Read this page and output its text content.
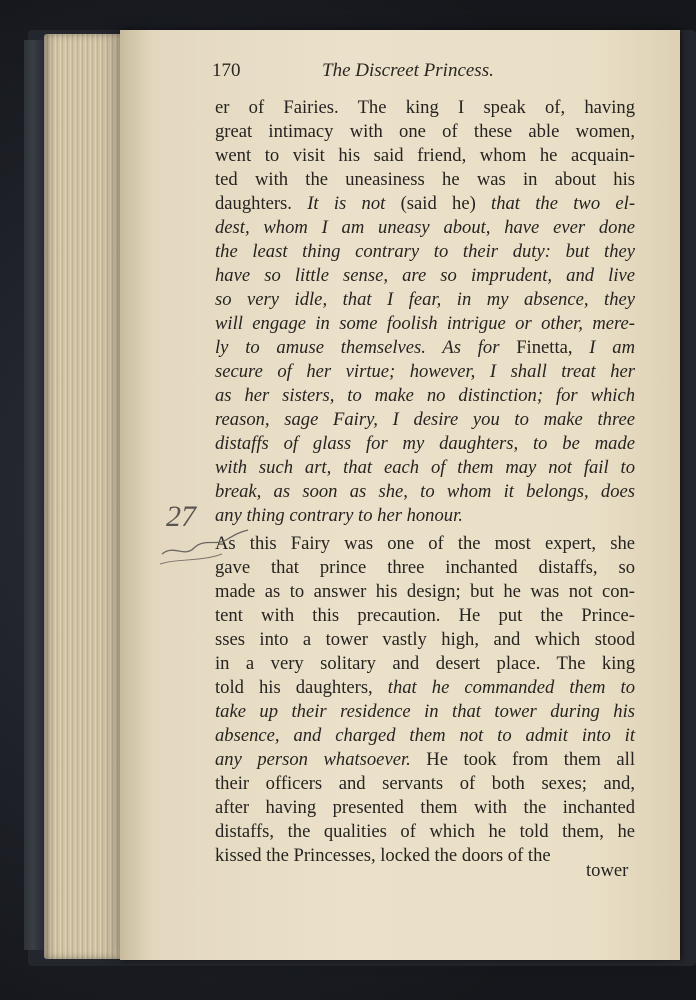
170	The Discreet Princess.
er of Fairies. The king I speak of, having
great intimacy with one of these able women,
went to visit his said friend, whom he acquain-
ted with the uneasiness he was in about his
daughters. It is not (said he) that the two el-
dest, whom I am uneasy about, have ever done
the least thing contrary to their duty: but they
have so little sense, are so imprudent, and live
so very idle, that I fear, in my absence, they
will engage in some foolish intrigue or other, mere-
ly to amuse themselves. As for Finetta, I am
secure of her virtue; however, I shall treat her
as her sisters, to make no distinction; for which
reason, sage Fairy, I desire you to make three
distaffs of glass for my daughters, to be made
with such art, that each of them may not fail to
break, as soon as she, to whom it belongs, does
any thing contrary to her honour.
As this Fairy was one of the most expert, she
gave that prince three inchanted distaffs, so
made as to answer his design; but he was not con-
tent with this precaution. He put the Prince-
sses into a tower vastly high, and which stood
in a very solitary and desert place. The king
told his daughters, that he commanded them to
take up their residence in that tower during his
absence, and charged them not to admit into it
any person whatsoever. He took from them all
their officers and servants of both sexes; and,
after having presented them with the inchanted
distaffs, the qualities of which he told them, he
kissed the Princesses, locked the doors of the
tower
27
